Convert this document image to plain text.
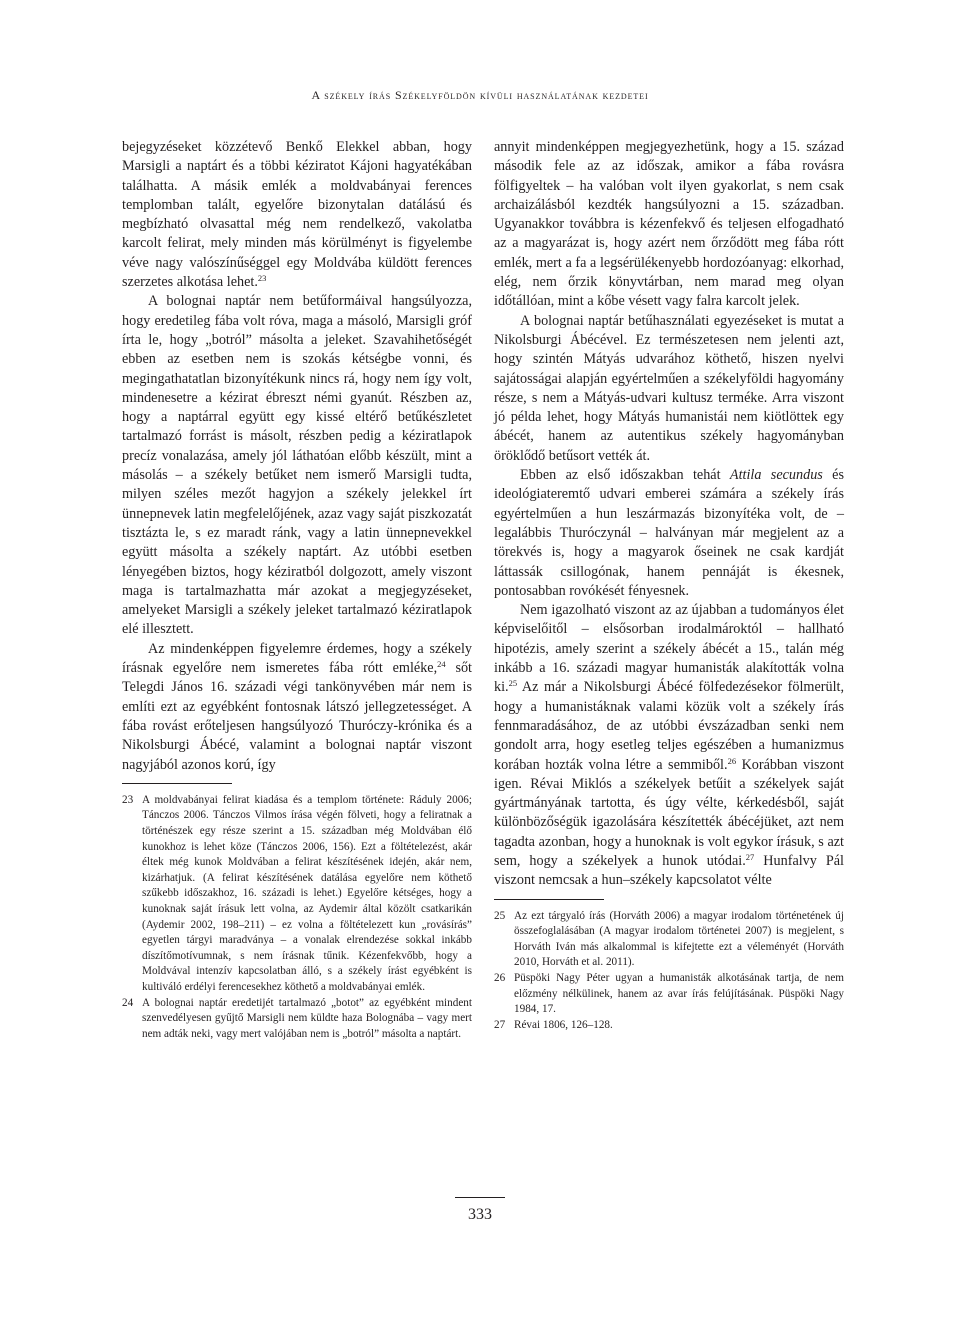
A székely írás Székelyföldön kívüli használatának kezdetei

bejegyzéseket közzétevő Benkő Elekkel abban, hogy Marsigli a naptárt és a többi kéziratot Kájoni hagyatékában találhatta. A másik emlék a moldvabányai ferences templomban talált, egyelőre bizonytalan datálású és megbízható olvasattal még nem rendelkező, vakolatba karcolt felirat, mely minden más körülményt is figyelembe véve nagy valószínűséggel egy Moldvába küldött ferences szerzetes alkotása lehet.$^{23}$

A bolognai naptár nem betűformáival hangsúlyozza, hogy eredetileg fába volt róva, maga a másoló, Marsigli gróf írta le, hogy „botról” másolta a jeleket. Szavahihetőségét ebben az esetben nem is szokás kétségbe vonni, és megingathatatlan bizonyítékunk nincs rá, hogy nem így volt, mindenesetre a kézirat ébreszt némi gyanút. Részben az, hogy a naptárral együtt egy kissé eltérő betűkészletet tartalmazó forrást is másolt, részben pedig a kéziratlapok precíz vonalazása, amely jól láthatóan előbb készült, mint a másolás – a székely betűket nem ismerő Marsigli tudta, milyen széles mezőt hagyjon a székely jelekkel írt ünnepnevek latin megfelelőjének, azaz vagy saját piszkozatát tisztázta le, s ez maradt ránk, vagy a latin ünnepnevekkel együtt másolta a székely naptárt. Az utóbbi esetben lényegében biztos, hogy kéziratból dolgozott, amely viszont maga is tartalmazhatta már azokat a megjegyzéseket, amelyeket Marsigli a székely jeleket tartalmazó kéziratlapok elé illesztett.

Az mindenképpen figyelemre érdemes, hogy a székely írásnak egyelőre nem ismeretes fába rótt emléke,$^{24}$ sőt Telegdi János 16. századi végi tankönyvében már nem is említi ezt az egyébként fontosnak látszó jellegzetességet. A fába rovást erőteljesen hangsúlyozó Thuróczy-krónika és a Nikolsburgi Ábécé, valamint a bolognai naptár viszont nagyjából azonos korú, így

23 A moldvabányai felirat kiadása és a templom története: Ráduly 2006; Tánczos 2006. Tánczos Vilmos írása végén fölveti, hogy a feliratnak a történészek egy része szerint a 15. században még Moldvában élő kunokhoz is lehet köze (Tánczos 2006, 156). Ezt a föltételezést, akár éltek még kunok Moldvában a felirat készítésének idején, akár nem, kizárhatjuk. (A felirat készítésének datálása egyelőre nem köthető szűkebb időszakhoz, 16. századi is lehet.) Egyelőre kétséges, hogy a kunoknak saját írásuk lett volna, az Aydemir által közölt csatkarikán (Aydemir 2002, 198–211) – ez volna a föltételezett kun „rovásírás” egyetlen tárgyi maradványa – a vonalak elrendezése sokkal inkább díszítőmotívumnak, s nem írásnak tűnik. Kézenfekvőbb, hogy a Moldvával intenzív kapcsolatban álló, s a székely írást egyébként is kultiváló erdélyi ferencesekhez köthető a moldvabányai emlék.
24 A bolognai naptár eredetijét tartalmazó „botot” az egyébként mindent szenvedélyesen gyűjtő Marsigli nem küldte haza Bolognába – vagy mert nem adták neki, vagy mert valójában nem is „botról” másolta a naptárt.

annyit mindenképpen megjegyezhetünk, hogy a 15. század második fele az az időszak, amikor a fába rovásra fölfigyeltek – ha valóban volt ilyen gyakorlat, s nem csak archaizálásból kezdték hangsúlyozni a 15. században. Ugyanakkor továbbra is kézenfekvő és teljesen elfogadható az a magyarázat is, hogy azért nem őrződött meg fába rótt emlék, mert a fa a legsérülékenyebb hordozóanyag: elkorhad, elég, nem őrzik könyvtárban, nem marad meg olyan időtállóan, mint a kőbe vésett vagy falra karcolt jelek.

A bolognai naptár betűhasználati egyezéseket is mutat a Nikolsburgi Ábécével. Ez természetesen nem jelenti azt, hogy szintén Mátyás udvarához köthető, hiszen nyelvi sajátosságai alapján egyértelműen a székelyföldi hagyomány része, s nem a Mátyás-udvari kultusz terméke. Arra viszont jó példa lehet, hogy Mátyás humanistái nem kiötlöttek egy ábécét, hanem az autentikus székely hagyományban öröklődő betűsort vették át.

Ebben az első időszakban tehát Attila secundus és ideológiateremtő udvari emberei számára a székely írás egyértelműen a hun leszármazás bizonyítéka volt, de – legalábbis Thuróczynál – halványan már megjelent az a törekvés is, hogy a magyarok őseinek ne csak kardját láttassák csillogónak, hanem pennáját is ékesnek, pontosabban rovókését fényesnek.

Nem igazolható viszont az az újabban a tudományos élet képviselőitől – elsősorban irodalmároktól – hallható hipotézis, amely szerint a székely ábécét a 15., talán még inkább a 16. századi magyar humanisták alakították volna ki.$^{25}$ Az már a Nikolsburgi Ábécé fölfedezésekor fölmerült, hogy a humanistáknak valami közük volt a székely írás fennmaradásához, de az utóbbi évszázadban senki nem gondolt arra, hogy esetleg teljes egészében a humanizmus korában hozták volna létre a semmiből.$^{26}$ Korábban viszont igen. Révai Miklós a székelyek betűit a székelyek saját gyártmányának tartotta, és úgy vélte, kérkedésből, saját különbözőségük igazolására készítették ábécéjüket, azt nem tagadta azonban, hogy a hunoknak is volt egykor írásuk, s azt sem, hogy a székelyek a hunok utódai.$^{27}$ Hunfalvy Pál viszont nemcsak a hun–székely kapcsolatot vélte

25 Az ezt tárgyaló írás (Horváth 2006) a magyar irodalom történetének új összefoglalásában (A magyar irodalom történetei 2007) is megjelent, s Horváth Iván más alkalommal is kifejtette ezt a véleményét (Horváth 2010, Horváth et al. 2011).
26 Püspöki Nagy Péter ugyan a humanisták alkotásának tartja, de nem előzmény nélkülinek, hanem az avar írás felújításának. Püspöki Nagy 1984, 17.
27 Révai 1806, 126–128.
333
